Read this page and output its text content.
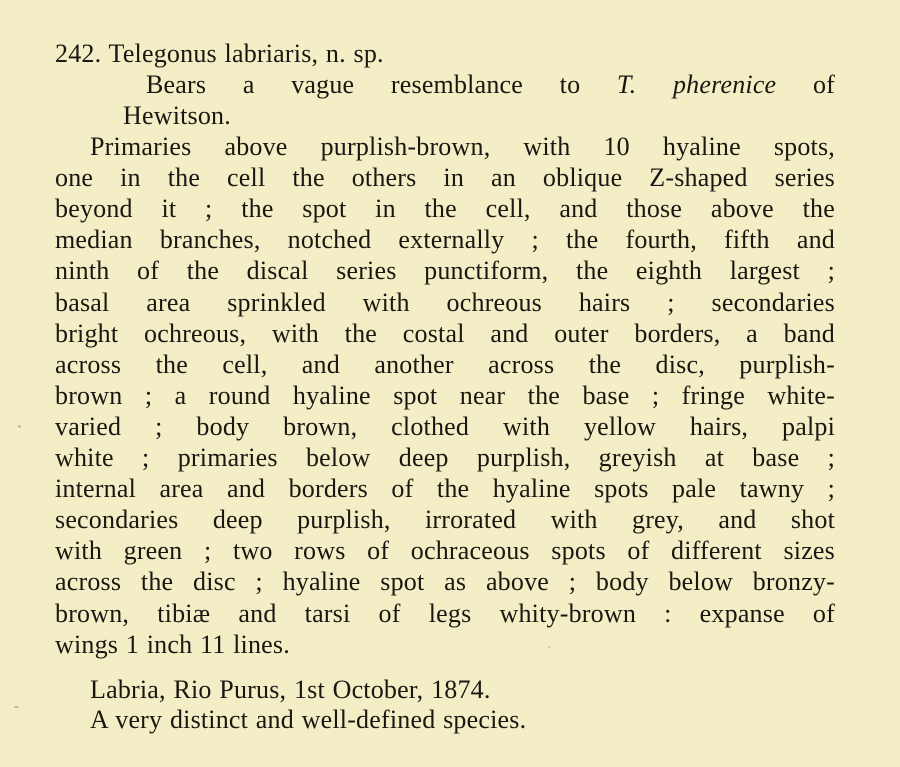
242. Telegonus labriaris, n. sp.
Bears a vague resemblance to T. pherenice of
Hewitson.
Primaries above purplish-brown, with 10 hyaline spots,
one in the cell the others in an oblique Z-shaped series
beyond it ; the spot in the cell, and those above the
median branches, notched externally ; the fourth, fifth and
ninth of the discal series punctiform, the eighth largest ;
basal area sprinkled with ochreous hairs ; secondaries
bright ochreous, with the costal and outer borders, a band
across the cell, and another across the disc, purplish-
brown ; a round hyaline spot near the base ; fringe white-
varied ; body brown, clothed with yellow hairs, palpi
white ; primaries below deep purplish, greyish at base ;
internal area and borders of the hyaline spots pale tawny ;
secondaries deep purplish, irrorated with grey, and shot
with green ; two rows of ochraceous spots of different sizes
across the disc ; hyaline spot as above ; body below bronzy-
brown, tibiæ and tarsi of legs whity-brown : expanse of
wings 1 inch 11 lines.
Labria, Rio Purus, 1st October, 1874.
A very distinct and well-defined species.
